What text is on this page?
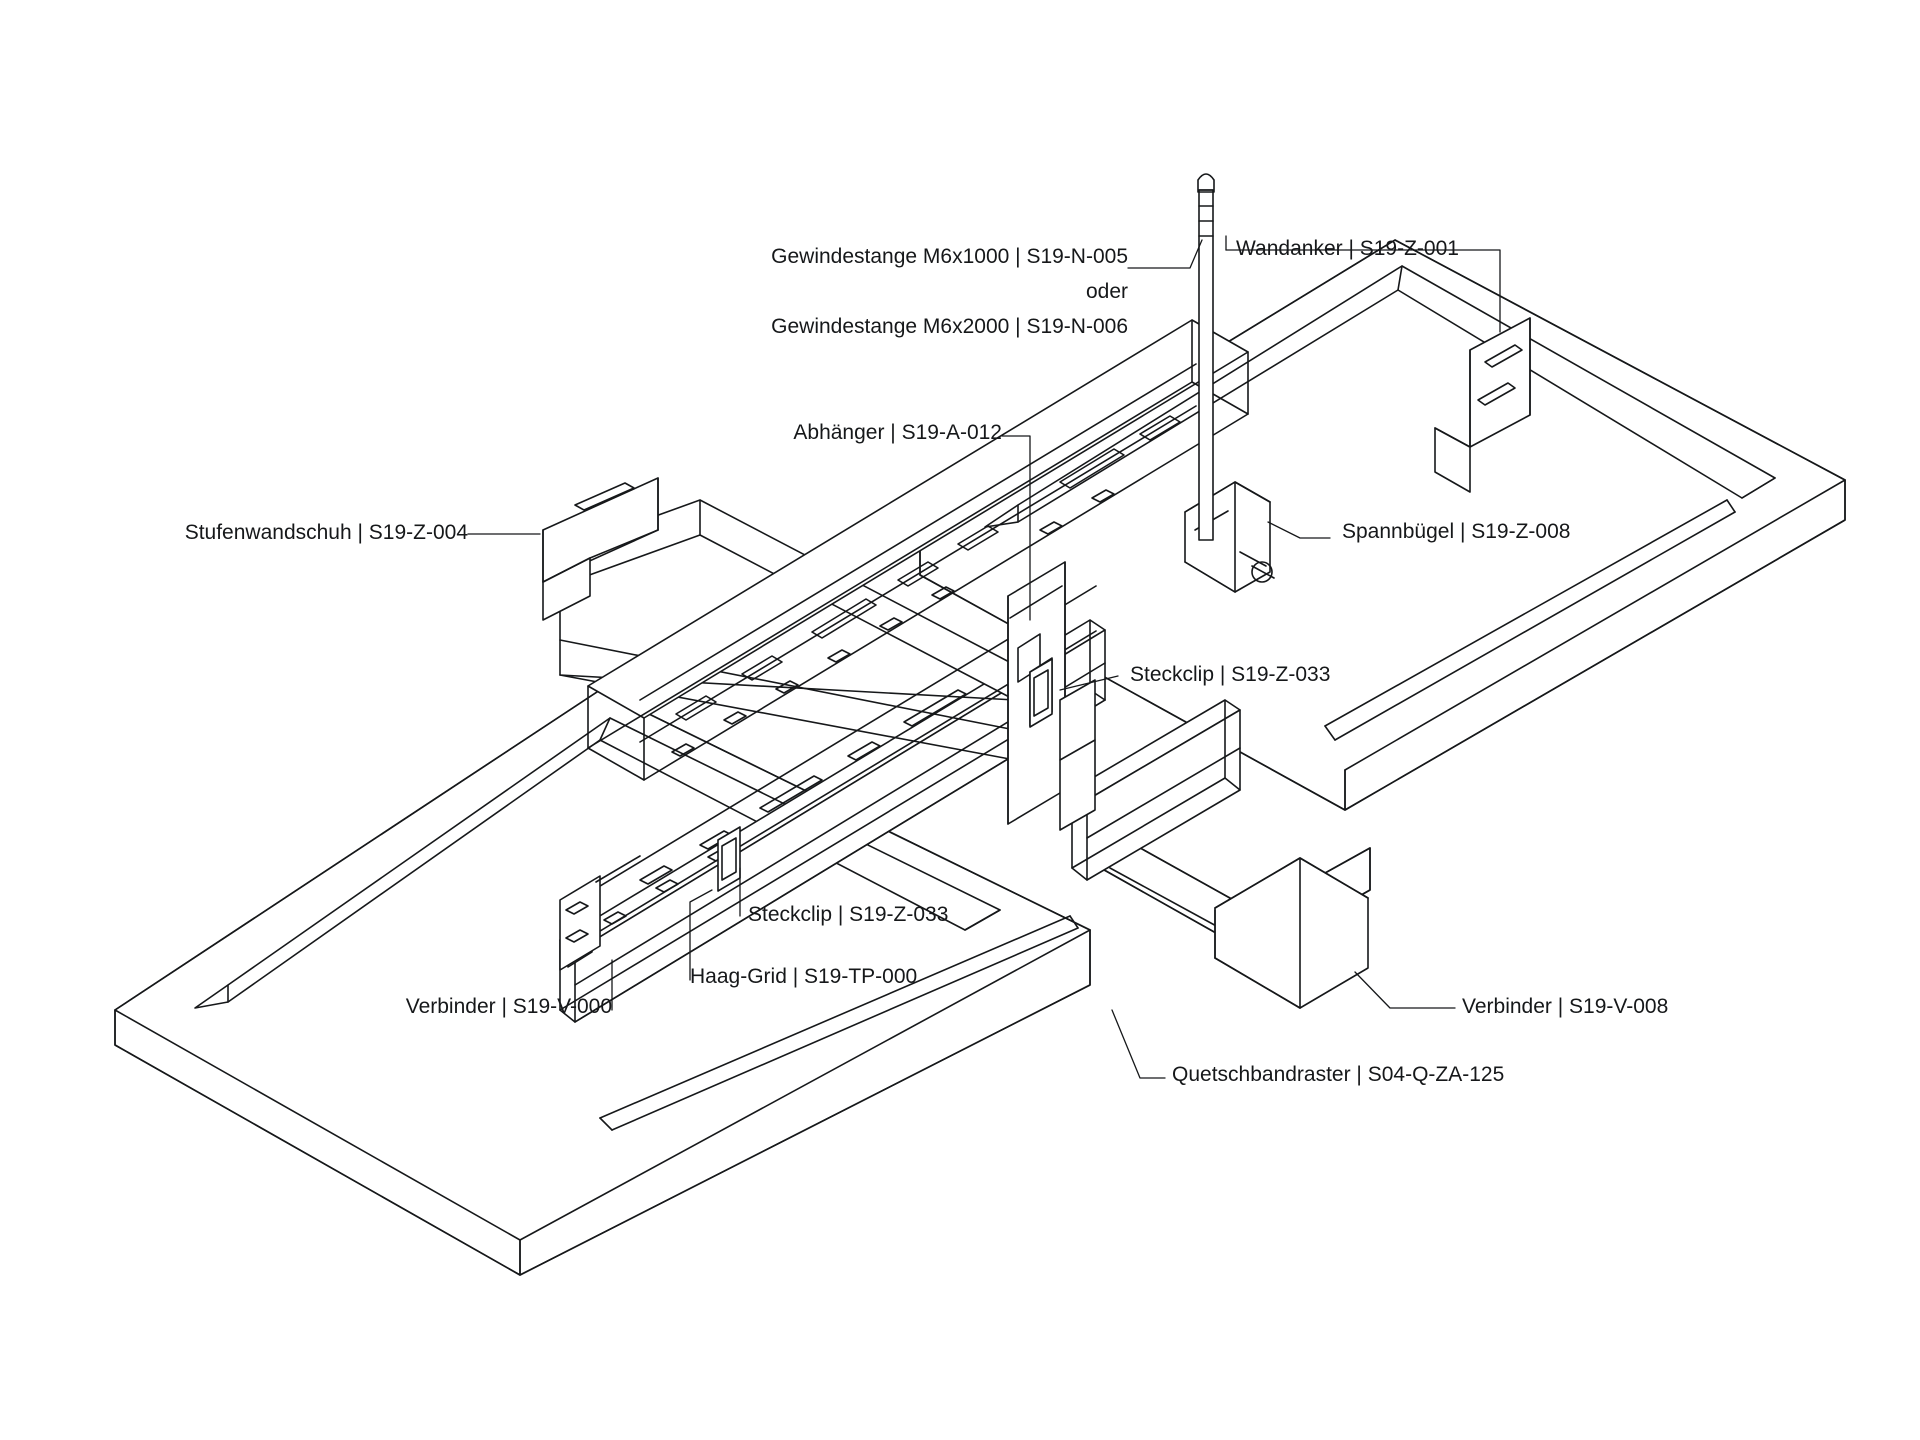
Gewindestange M6x1000 | S19-N-005
oder
Gewindestange M6x2000 | S19-N-006
Wandanker | S19-Z-001
Abhänger | S19-A-012
Spannbügel | S19-Z-008
Stufenwandschuh | S19-Z-004
Steckclip | S19-Z-033
Steckclip | S19-Z-033
Haag-Grid | S19-TP-000
Verbinder | S19-V-000	Verbinder | S19-V-008
Quetschbandraster | S04-Q-ZA-125
